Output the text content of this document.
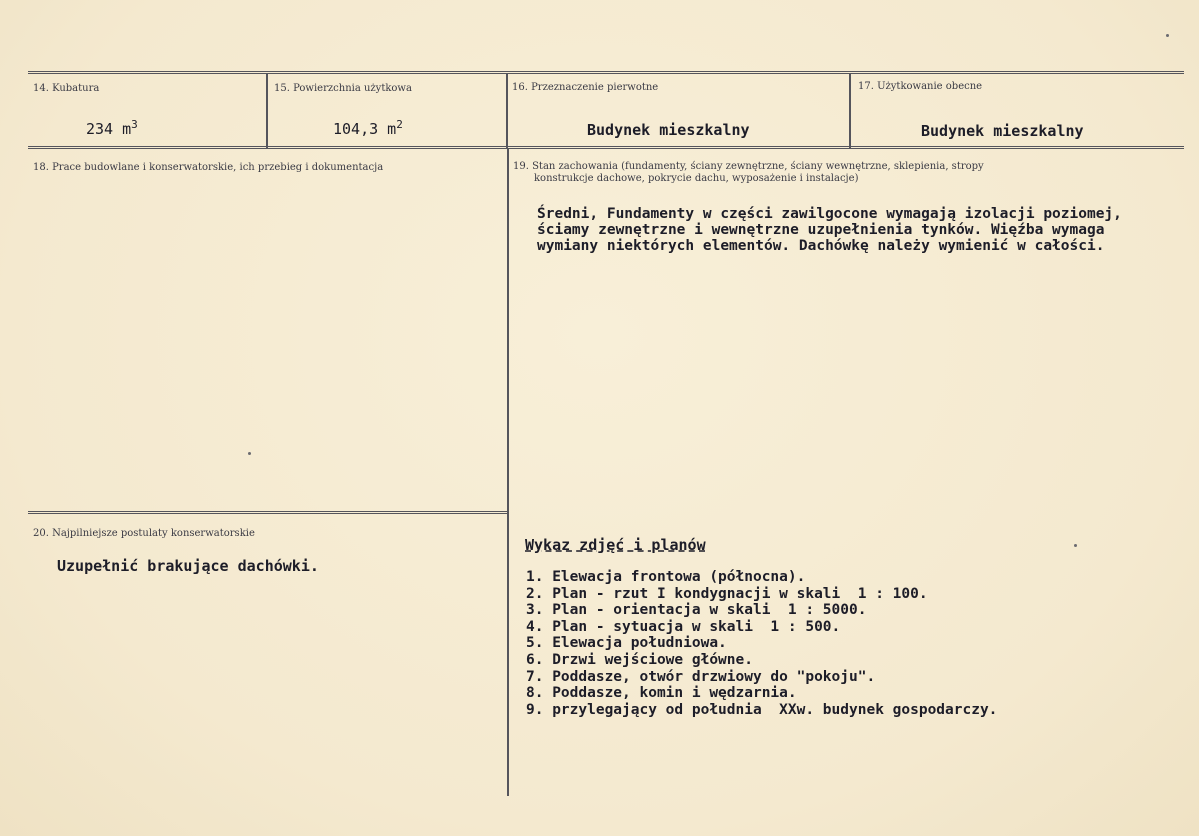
14. Kubatura
234 $m^3$
15. Powierzchnia użytkowa
104,3 $m^2$
16. Przeznaczenie pierwotne
Budynek mieszkalny
17. Użytkowanie obecne
Budynek mieszkalny
18. Prace budowlane i konserwatorskie, ich przebieg i dokumentacja	19. Stan zachowania (fundamenty, ściany zewnętrzne, ściany wewnętrzne, sklepienia, stropy
konstrukcje dachowe, pokrycie dachu, wyposażenie i instalacje)
Średni, Fundamenty w części zawilgocone wymagają izolacji poziomej,
ściamy zewnętrzne i wewnętrzne uzupełnienia tynków. Więźba wymaga
wymiany niektórych elementów. Dachówkę należy wymienić w całości.
20. Najpilniejsze postulaty konserwatorskie
Uzupełnić brakujące dachówki.
Wykaz zdjęć i planów
1. Elewacja frontowa (północna).
2. Plan - rzut I kondygnacji w skali  1 : 100.
3. Plan - orientacja w skali  1 : 5000.
4. Plan - sytuacja w skali  1 : 500.
5. Elewacja południowa.
6. Drzwi wejściowe główne.
7. Poddasze, otwór drzwiowy do "pokoju".
8. Poddasze, komin i wędzarnia.
9. przylegający od południa  XXw. budynek gospodarczy.
